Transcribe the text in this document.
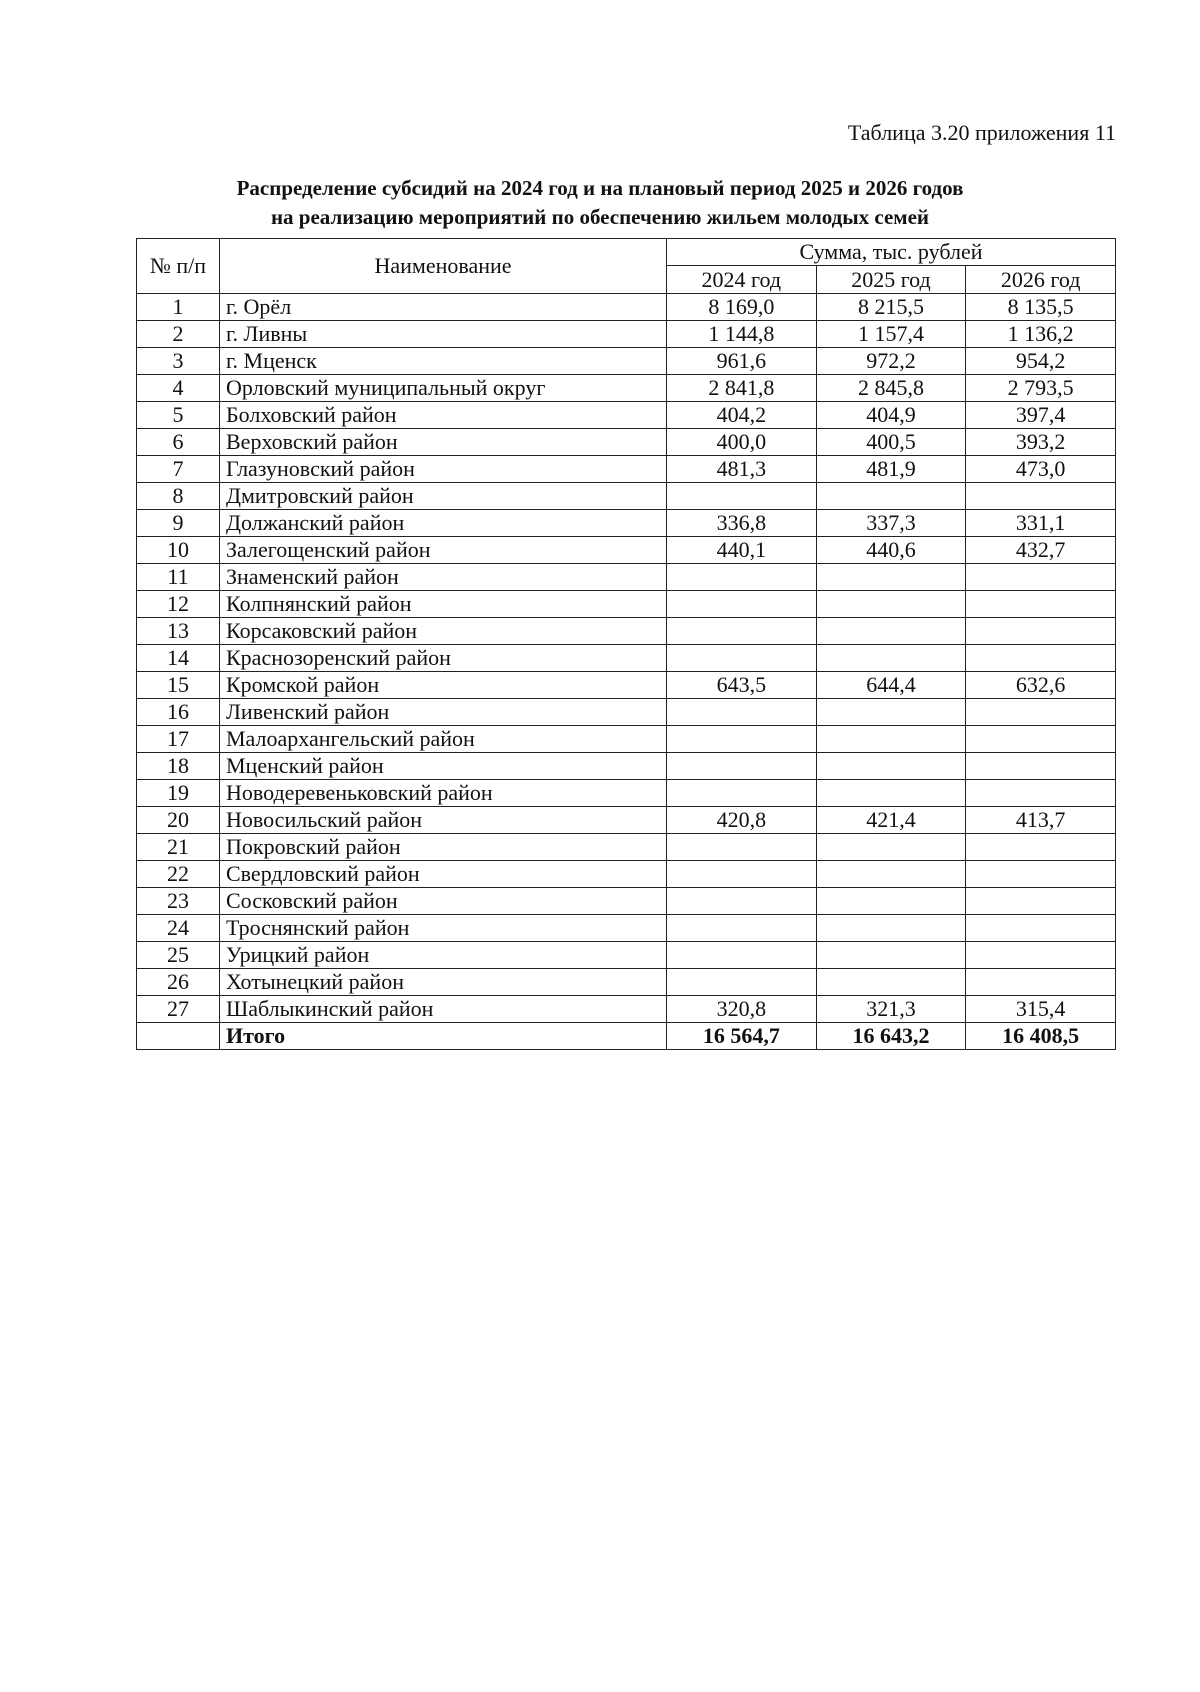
Таблица 3.20 приложения 11
Распределение субсидий на 2024 год и на плановый период 2025 и 2026 годов
на реализацию мероприятий по обеспечению жильем молодых семей
№ п/п	Наименование	Сумма, тыс. рублей		
		2024 год	2025 год	2026 год
1	г. Орёл	8 169,0	8 215,5	8 135,5
2	г. Ливны	1 144,8	1 157,4	1 136,2
3	г. Мценск	961,6	972,2	954,2
4	Орловский муниципальный округ	2 841,8	2 845,8	2 793,5
5	Болховский район	404,2	404,9	397,4
6	Верховский район	400,0	400,5	393,2
7	Глазуновский район	481,3	481,9	473,0
8	Дмитровский район			
9	Должанский район	336,8	337,3	331,1
10	Залегощенский район	440,1	440,6	432,7
11	Знаменский район			
12	Колпнянский район			
13	Корсаковский район			
14	Краснозоренский район			
15	Кромской район	643,5	644,4	632,6
16	Ливенский район			
17	Малоархангельский район			
18	Мценский район			
19	Новодеревеньковский район			
20	Новосильский район	420,8	421,4	413,7
21	Покровский район			
22	Свердловский район			
23	Сосковский район			
24	Троснянский район			
25	Урицкий район			
26	Хотынецкий район			
27	Шаблыкинский район	320,8	321,3	315,4
	Итого	16 564,7	16 643,2	16 408,5
